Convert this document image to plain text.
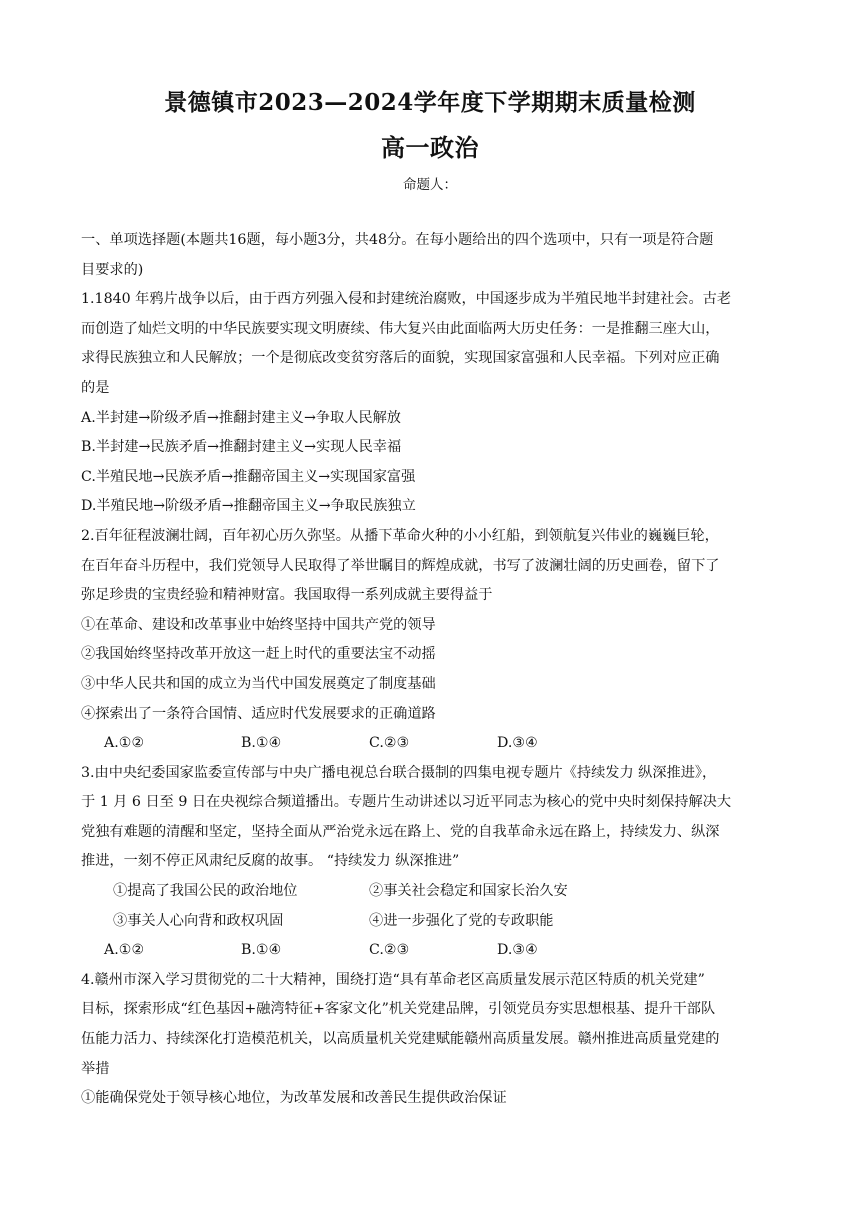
景德镇市2023—2024学年度下学期期末质量检测
高一政治
命题人：
一、单项选择题(本题共16题，每小题3分，共48分。在每小题给出的四个选项中，只有一项是符合题
目要求的)
1.1840 年鸦片战争以后，由于西方列强入侵和封建统治腐败，中国逐步成为半殖民地半封建社会。古老
而创造了灿烂文明的中华民族要实现文明赓续、伟大复兴由此面临两大历史任务：一是推翻三座大山，
求得民族独立和人民解放；一个是彻底改变贫穷落后的面貌，实现国家富强和人民幸福。下列对应正确
的是
A.半封建→阶级矛盾→推翻封建主义→争取人民解放
B.半封建→民族矛盾→推翻封建主义→实现人民幸福
C.半殖民地→民族矛盾→推翻帝国主义→实现国家富强
D.半殖民地→阶级矛盾→推翻帝国主义→争取民族独立
2.百年征程波澜壮阔，百年初心历久弥坚。从播下革命火种的小小红船，到领航复兴伟业的巍巍巨轮，
在百年奋斗历程中，我们党领导人民取得了举世瞩目的辉煌成就，书写了波澜壮阔的历史画卷，留下了
弥足珍贵的宝贵经验和精神财富。我国取得一系列成就主要得益于
①在革命、建设和改革事业中始终坚持中国共产党的领导
②我国始终坚持改革开放这一赶上时代的重要法宝不动摇
③中华人民共和国的成立为当代中国发展奠定了制度基础
④探索出了一条符合国情、适应时代发展要求的正确道路
A.①②	B.①④	C.②③	D.③④
3.由中央纪委国家监委宣传部与中央广播电视总台联合摄制的四集电视专题片《持续发力 纵深推进》，
于 1 月 6 日至 9 日在央视综合频道播出。专题片生动讲述以习近平同志为核心的党中央时刻保持解决大
党独有难题的清醒和坚定，坚持全面从严治党永远在路上、党的自我革命永远在路上，持续发力、纵深
推进，一刻不停正风肃纪反腐的故事。 “持续发力 纵深推进”
①提高了我国公民的政治地位	②事关社会稳定和国家长治久安
③事关人心向背和政权巩固	④进一步强化了党的专政职能
A.①②	B.①④	C.②③	D.③④
4.赣州市深入学习贯彻党的二十大精神，围绕打造“具有革命老区高质量发展示范区特质的机关党建”
目标，探索形成“红色基因+融湾特征+客家文化”机关党建品牌，引领党员夯实思想根基、提升干部队
伍能力活力、持续深化打造模范机关，以高质量机关党建赋能赣州高质量发展。赣州推进高质量党建的
举措
①能确保党处于领导核心地位，为改革发展和改善民生提供政治保证
